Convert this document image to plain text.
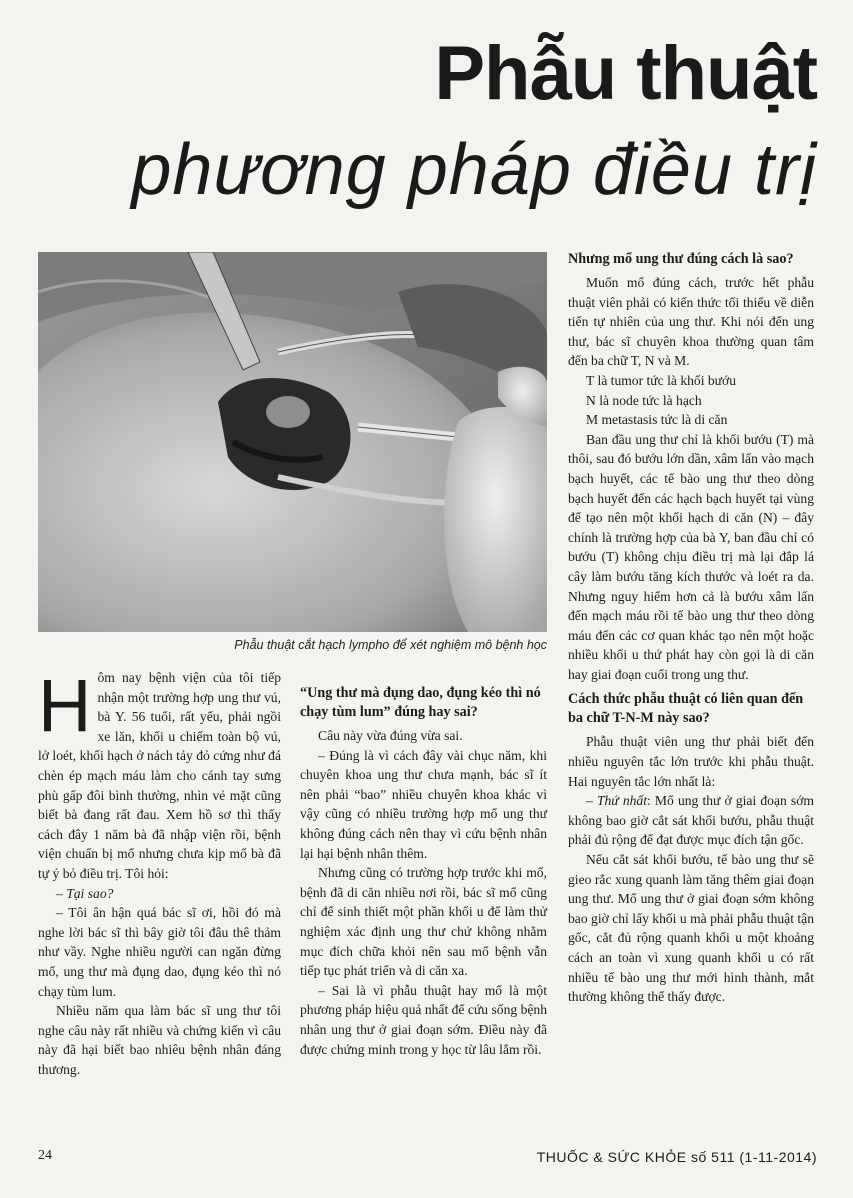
Phẫu thuật
phương pháp điều trị
Phẫu thuật cắt hạch lympho để xét nghiệm mô bệnh học
H ôm nay bệnh viện của tôi tiếp nhận một trường hợp ung thư vú, bà Y. 56 tuổi, rất yếu, phải ngồi xe lăn, khối u chiếm toàn bộ vú, lở loét, khối hạch ở nách tảy đỏ cứng như đá chèn ép mạch máu làm cho cánh tay sưng phù gấp đôi bình thường, nhìn vẻ mặt cũng biết bà đang rất đau. Xem hồ sơ thì thấy cách đây 1 năm bà đã nhập viện rồi, bệnh viện chuẩn bị mổ nhưng chưa kịp mổ bà đã tự ý bỏ điều trị. Tôi hỏi:

– Tại sao?

– Tôi ân hận quá bác sĩ ơi, hồi đó mà nghe lời bác sĩ thì bây giờ tôi đâu thê thảm như vầy. Nghe nhiều người can ngăn đừng mổ, ung thư mà đụng dao, đụng kéo thì nó chạy tùm lum.

Nhiều năm qua làm bác sĩ ung thư tôi nghe câu này rất nhiều và chứng kiến vì câu này đã hại biết bao nhiêu bệnh nhân đáng thương.

“Ung thư mà đụng dao, đụng kéo thì nó chạy tùm lum” đúng hay sai?

Câu này vừa đúng vừa sai.

– Đúng là vì cách đây vài chục năm, khi chuyên khoa ung thư chưa mạnh, bác sĩ ít nên phải “bao” nhiều chuyên khoa khác vì vậy cũng có nhiều trường hợp mổ ung thư không đúng cách nên thay vì cứu bệnh nhân lại hại bệnh nhân thêm.

Nhưng cũng có trường hợp trước khi mổ, bệnh đã di căn nhiều nơi rồi, bác sĩ mổ cũng chỉ để sinh thiết một phần khối u để làm thử nghiệm xác định ung thư chứ không nhằm mục đích chữa khỏi nên sau mổ bệnh vẫn tiếp tục phát triển và di căn xa.

– Sai là vì phẫu thuật hay mổ là một phương pháp hiệu quả nhất để cứu sống bệnh nhân ung thư ở giai đoạn sớm. Điều này đã được chứng minh trong y học từ lâu lắm rồi.

Nhưng mổ ung thư đúng cách là sao?

Muốn mổ đúng cách, trước hết phẫu thuật viên phải có kiến thức tối thiểu về diễn tiến tự nhiên của ung thư. Khi nói đến ung thư, bác sĩ chuyên khoa thường quan tâm đến ba chữ T, N và M.

T là tumor tức là khối bướu

N là node tức là hạch

M metastasis tức là di căn

Ban đầu ung thư chỉ là khối bướu (T) mà thôi, sau đó bướu lớn dần, xâm lấn vào mạch bạch huyết, các tế bào ung thư theo dòng bạch huyết đến các hạch bạch huyết tại vùng để tạo nên một khối hạch di căn (N) – đây chính là trường hợp của bà Y, ban đầu chỉ có bướu (T) không chịu điều trị mà lại đắp lá cây làm bướu tăng kích thước và loét ra da. Nhưng nguy hiểm hơn cả là bướu xâm lấn đến mạch máu rồi tế bào ung thư theo dòng máu đến các cơ quan khác tạo nên một hoặc nhiều khối u thứ phát hay còn gọi là di căn hay giai đoạn cuối trong ung thư.

Cách thức phẫu thuật có liên quan đến ba chữ T-N-M này sao?

Phẫu thuật viên ung thư phải biết đến nhiều nguyên tắc lớn trước khi phẫu thuật. Hai nguyên tắc lớn nhất là:

– Thứ nhất: Mổ ung thư ở giai đoạn sớm không bao giờ cắt sát khối bướu, phẫu thuật phải đủ rộng để đạt được mục đích tận gốc.

Nếu cắt sát khối bướu, tế bào ung thư sẽ gieo rắc xung quanh làm tăng thêm giai đoạn ung thư. Mổ ung thư ở giai đoạn sớm không bao giờ chỉ lấy khối u mà phải phẫu thuật tận gốc, cắt đủ rộng quanh khối u một khoảng cách an toàn vì xung quanh khối u có rất nhiều tế bào ung thư mới hình thành, mắt thường không thể thấy được.

24	THUỐC & SỨC KHỎE số 511 (1-11-2014)
